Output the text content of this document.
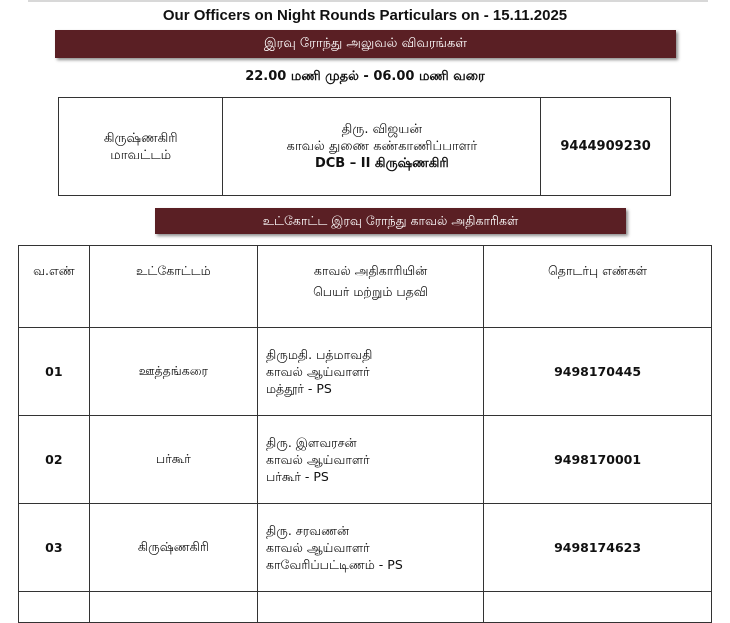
Our Officers on Night Rounds Particulars on - 15.11.2025
இரவு ரோந்து அலுவல் விவரங்கள்
22.00 மணி முதல் - 06.00 மணி வரை
கிருஷ்ணகிரி
மாவட்டம்

திரு. விஜயன்
காவல் துணை கண்காணிப்பாளர்
DCB – II கிருஷ்ணகிரி
	9444909230
உட்கோட்ட இரவு ரோந்து காவல் அதிகாரிகள்
வ.எண்	உட்கோட்டம்	காவல் அதிகாரியின்
பெயர் மற்றும் பதவி	தொடர்பு எண்கள்
01	ஊத்தங்கரை	திருமதி. பத்மாவதி
காவல் ஆய்வாளர்
மத்தூர் - PS	9498170445
02	பர்கூர்	திரு. இளவரசன்
காவல் ஆய்வாளர்
பர்கூர் - PS	9498170001
03	கிருஷ்ணகிரி	திரு. சரவணன்
காவல் ஆய்வாளர்
காவேரிப்பட்டிணம் - PS	9498174623
